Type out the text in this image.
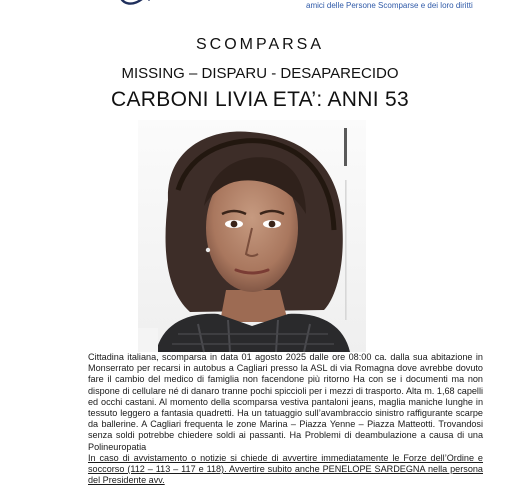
amici delle Persone Scomparse e dei loro diritti
SCOMPARSA
MISSING – DISPARU - DESAPARECIDO
CARBONI LIVIA ETA’: ANNI 53

Cittadina italiana, scomparsa in data 01 agosto 2025 dalle ore 08:00 ca. dalla sua abitazione in Monserrato per recarsi in autobus a Cagliari presso la ASL di via Romagna dove avrebbe dovuto fare il cambio del medico di famiglia non facendone più ritorno Ha con se i documenti ma non dispone di cellulare né di danaro tranne pochi spiccioli per i mezzi di trasporto. Alta m. 1,68 capelli ed occhi castani. Al momento della scomparsa vestiva pantaloni jeans, maglia maniche lunghe in tessuto leggero a fantasia quadretti. Ha un tatuaggio sull’avambraccio sinistro raffigurante scarpe da ballerine. A Cagliari frequenta le zone Marina – Piazza Yenne – Piazza Matteotti. Trovandosi senza soldi potrebbe chiedere soldi ai passanti. Ha Problemi di deambulazione a causa di una Polineuropatia

In caso di avvistamento o notizie si chiede di avvertire immediatamente le Forze dell’Ordine e soccorso (112 – 113 – 117 e 118). Avvertire subito anche PENELOPE SARDEGNA nella persona del Presidente avv.
